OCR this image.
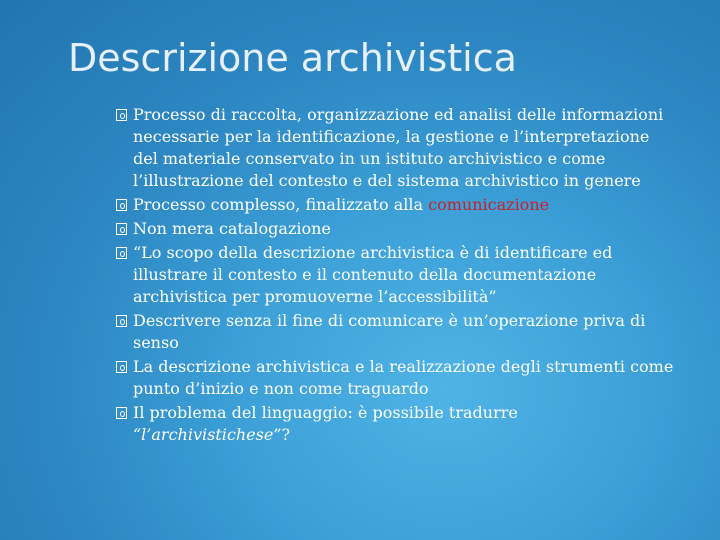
Descrizione archivistica
Processo di raccolta, organizzazione ed analisi delle informazioni necessarie per la identificazione, la gestione e l’interpretazione del materiale conservato in un istituto archivistico e come l’illustrazione del contesto e del sistema archivistico in genere
Processo complesso, finalizzato alla comunicazione
Non mera catalogazione
“Lo scopo della descrizione archivistica è di identificare ed illustrare il contesto e il contenuto della documentazione archivistica per promuoverne l’accessibilità”
Descrivere senza il fine di comunicare è un’operazione priva di senso
La descrizione archivistica e la realizzazione degli strumenti come punto d’inizio e non come traguardo
Il problema del linguaggio: è possibile tradurre “l’archivistichese”?
